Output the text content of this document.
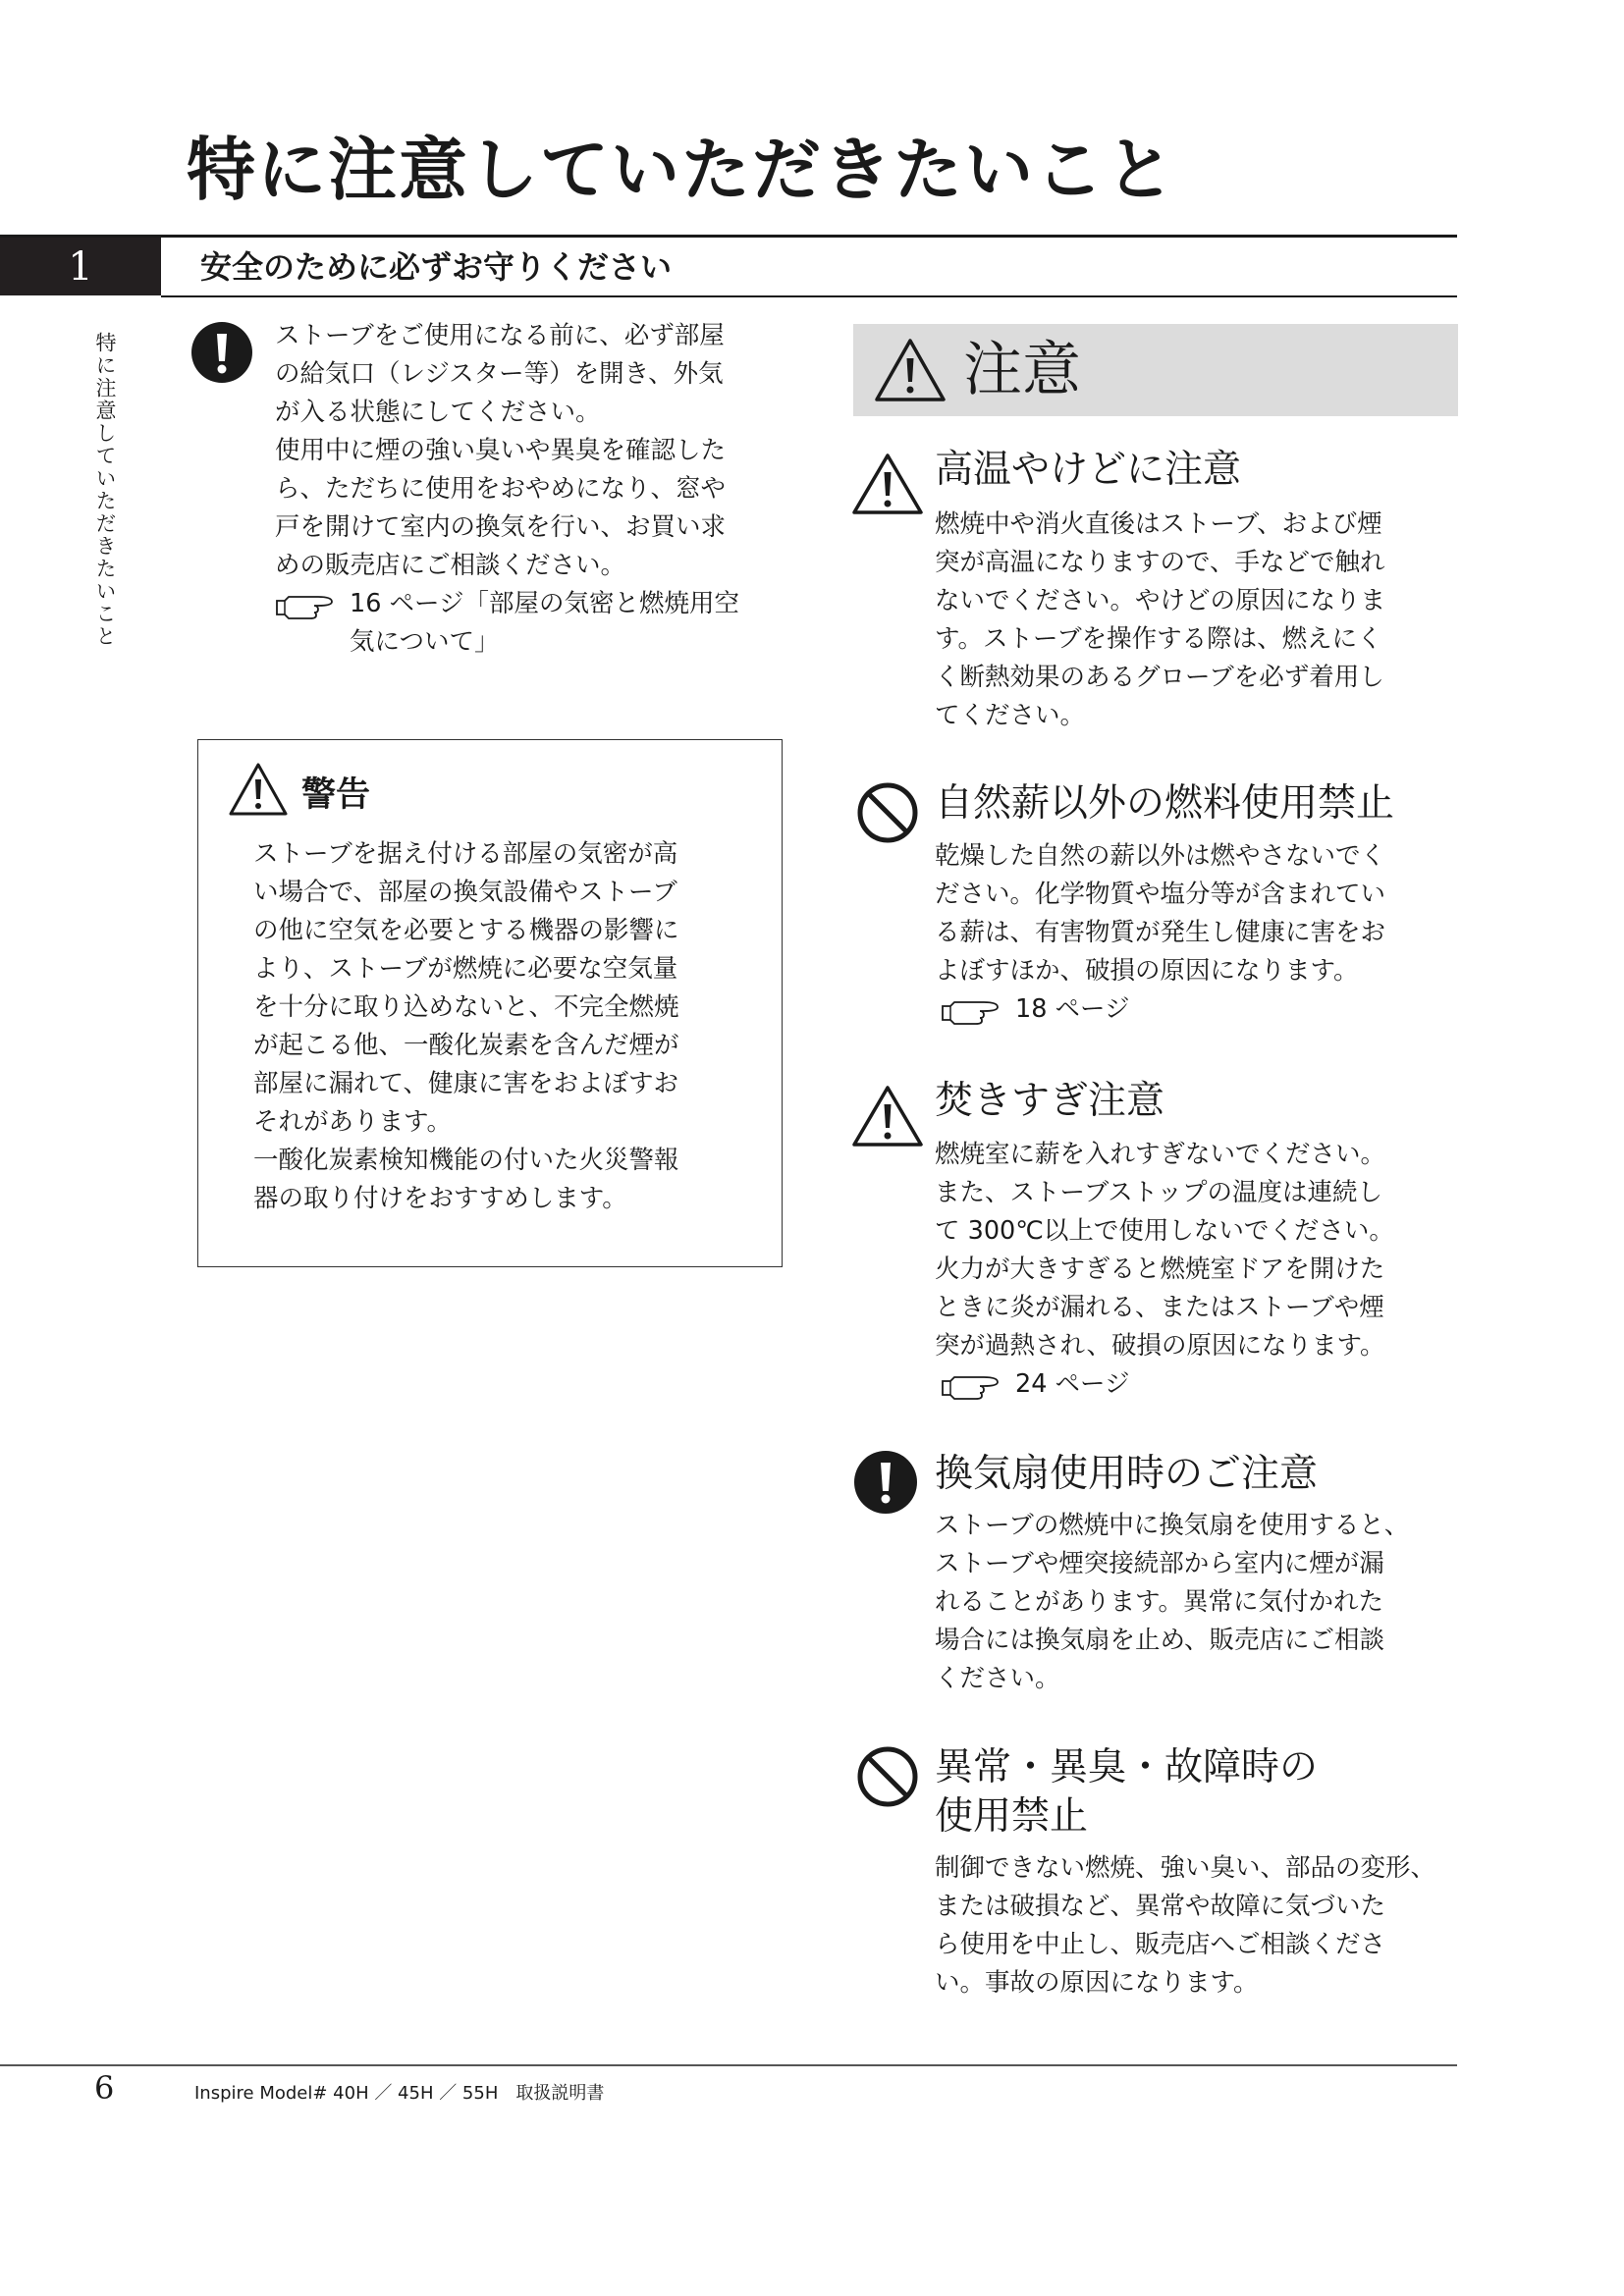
特に注意していただきたいこと
1	安全のために必ずお守りください
特に注意していただきたいこと	ストーブをご使用になる前に、必ず部屋
の給気口（レジスター等）を開き、外気
が入る状態にしてください。
使用中に煙の強い臭いや異臭を確認した
ら、ただちに使用をおやめになり、窓や
戸を開けて室内の換気を行い、お買い求
めの販売店にご相談ください。
16 ページ「部屋の気密と燃焼用空
気について」
警告
ストーブを据え付ける部屋の気密が高
い場合で、部屋の換気設備やストーブ
の他に空気を必要とする機器の影響に
より、ストーブが燃焼に必要な空気量
を十分に取り込めないと、不完全燃焼
が起こる他、一酸化炭素を含んだ煙が
部屋に漏れて、健康に害をおよぼすお
それがあります。
一酸化炭素検知機能の付いた火災警報
器の取り付けをおすすめします。
注意
高温やけどに注意
燃焼中や消火直後はストーブ、および煙
突が高温になりますので、手などで触れ
ないでください。やけどの原因になりま
す。ストーブを操作する際は、燃えにく
く断熱効果のあるグローブを必ず着用し
てください。
自然薪以外の燃料使用禁止
乾燥した自然の薪以外は燃やさないでく
ださい。化学物質や塩分等が含まれてい
る薪は、有害物質が発生し健康に害をお
よぼすほか、破損の原因になります。
18 ページ
焚きすぎ注意
燃焼室に薪を入れすぎないでください。
また、ストーブストップの温度は連続し
て 300℃以上で使用しないでください。
火力が大きすぎると燃焼室ドアを開けた
ときに炎が漏れる、またはストーブや煙
突が過熱され、破損の原因になります。
24 ページ
換気扇使用時のご注意
ストーブの燃焼中に換気扇を使用すると、
ストーブや煙突接続部から室内に煙が漏
れることがあります。異常に気付かれた
場合には換気扇を止め、販売店にご相談
ください。
異常・異臭・故障時の
使用禁止
制御できない燃焼、強い臭い、部品の変形、
または破損など、異常や故障に気づいた
ら使用を中止し、販売店へご相談くださ
い。事故の原因になります。
6	Inspire Model# 40H ／ 45H ／ 55H　取扱説明書
